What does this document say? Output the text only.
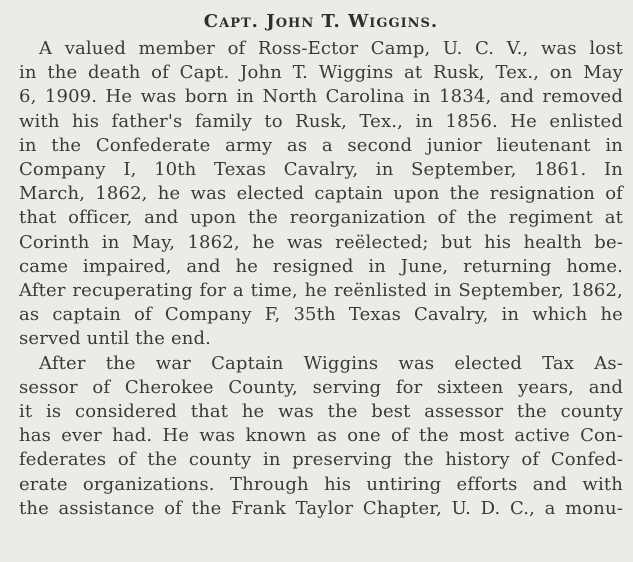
Capt. John T. Wiggins.

A valued member of Ross-Ector Camp, U. C. V., was lost
in the death of Capt. John T. Wiggins at Rusk, Tex., on May
6, 1909. He was born in North Carolina in 1834, and removed
with his father's family to Rusk, Tex., in 1856. He enlisted
in the Confederate army as a second junior lieutenant in
Company I, 10th Texas Cavalry, in September, 1861. In
March, 1862, he was elected captain upon the resignation of
that officer, and upon the reorganization of the regiment at
Corinth in May, 1862, he was reëlected; but his health be-
came impaired, and he resigned in June, returning home.
After recuperating for a time, he reënlisted in September, 1862,
as captain of Company F, 35th Texas Cavalry, in which he
served until the end.

After the war Captain Wiggins was elected Tax As-
sessor of Cherokee County, serving for sixteen years, and
it is considered that he was the best assessor the county
has ever had. He was known as one of the most active Con-
federates of the county in preserving the history of Confed-
erate organizations. Through his untiring efforts and with
the assistance of the Frank Taylor Chapter, U. D. C., a monu-
